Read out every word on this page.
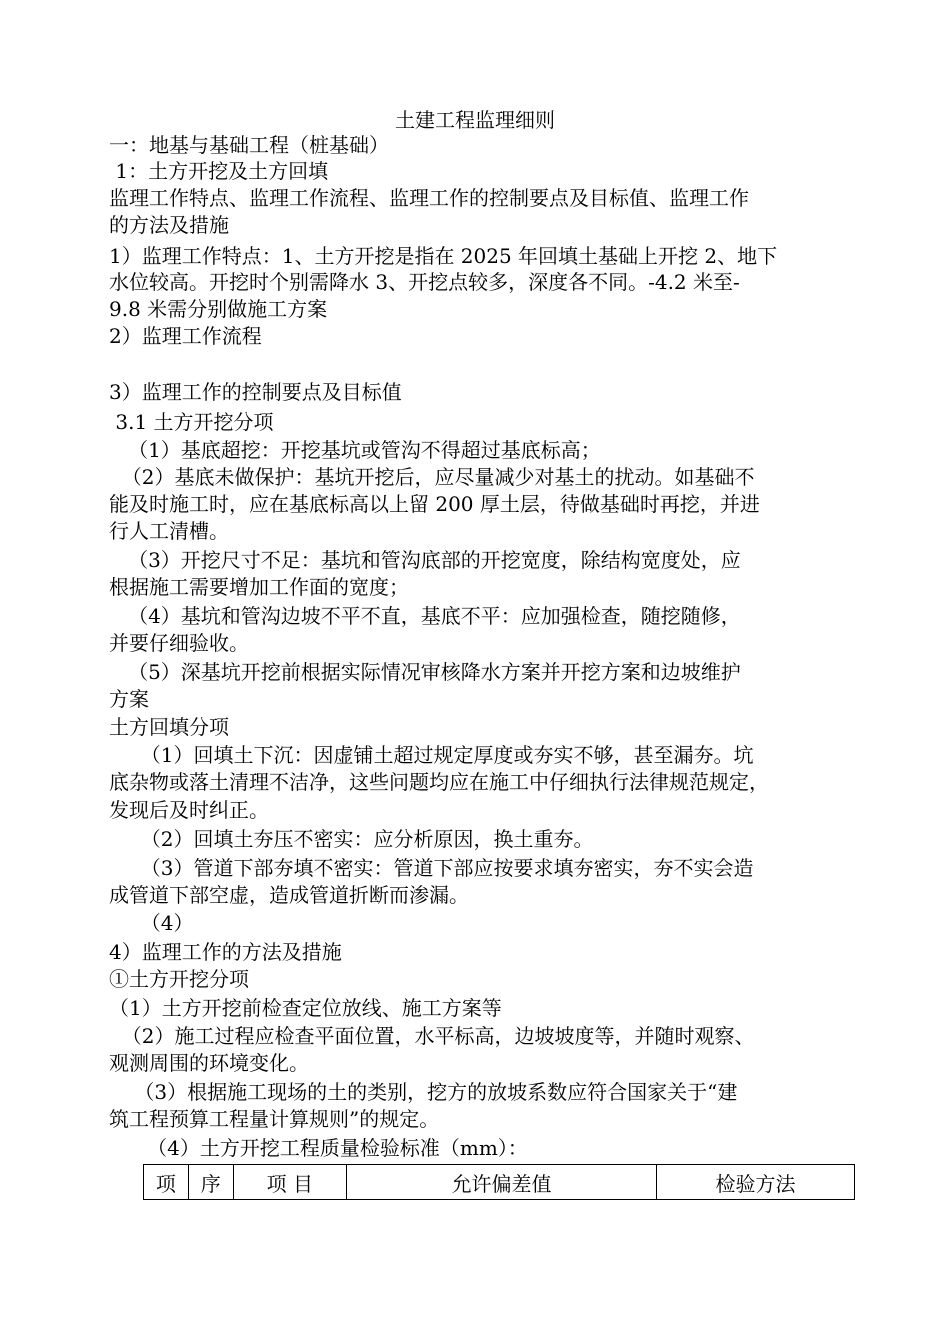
土建工程监理细则
一：地基与基础工程（桩基础）
1：土方开挖及土方回填
监理工作特点、监理工作流程、监理工作的控制要点及目标值、监理工作
的方法及措施
1）监理工作特点：1、土方开挖是指在 2025 年回填土基础上开挖 2、地下
水位较高。开挖时个别需降水 3、开挖点较多，深度各不同。-4.2 米至-
9.8 米需分别做施工方案
2）监理工作流程
3）监理工作的控制要点及目标值
3.1 土方开挖分项
（1）基底超挖：开挖基坑或管沟不得超过基底标高；
（2）基底未做保护：基坑开挖后，应尽量减少对基土的扰动。如基础不
能及时施工时，应在基底标高以上留 200 厚土层，待做基础时再挖，并进
行人工清槽。
（3）开挖尺寸不足：基坑和管沟底部的开挖宽度，除结构宽度处，应
根据施工需要增加工作面的宽度；
（4）基坑和管沟边坡不平不直，基底不平：应加强检查，随挖随修，
并要仔细验收。
（5）深基坑开挖前根据实际情况审核降水方案并开挖方案和边坡维护
方案
土方回填分项
（1）回填土下沉：因虚铺土超过规定厚度或夯实不够，甚至漏夯。坑
底杂物或落土清理不洁净，这些问题均应在施工中仔细执行法律规范规定，
发现后及时纠正。
（2）回填土夯压不密实：应分析原因，换土重夯。
（3）管道下部夯填不密实：管道下部应按要求填夯密实，夯不实会造
成管道下部空虚，造成管道折断而渗漏。
（4）
4）监理工作的方法及措施
①土方开挖分项
（1）土方开挖前检查定位放线、施工方案等
（2）施工过程应检查平面位置，水平标高，边坡坡度等，并随时观察、
观测周围的环境变化。
（3）根据施工现场的土的类别，挖方的放坡系数应符合国家关于“建
筑工程预算工程量计算规则”的规定。
（4）土方开挖工程质量检验标准（mm）：
项	序	项 目	允许偏差值	检验方法
